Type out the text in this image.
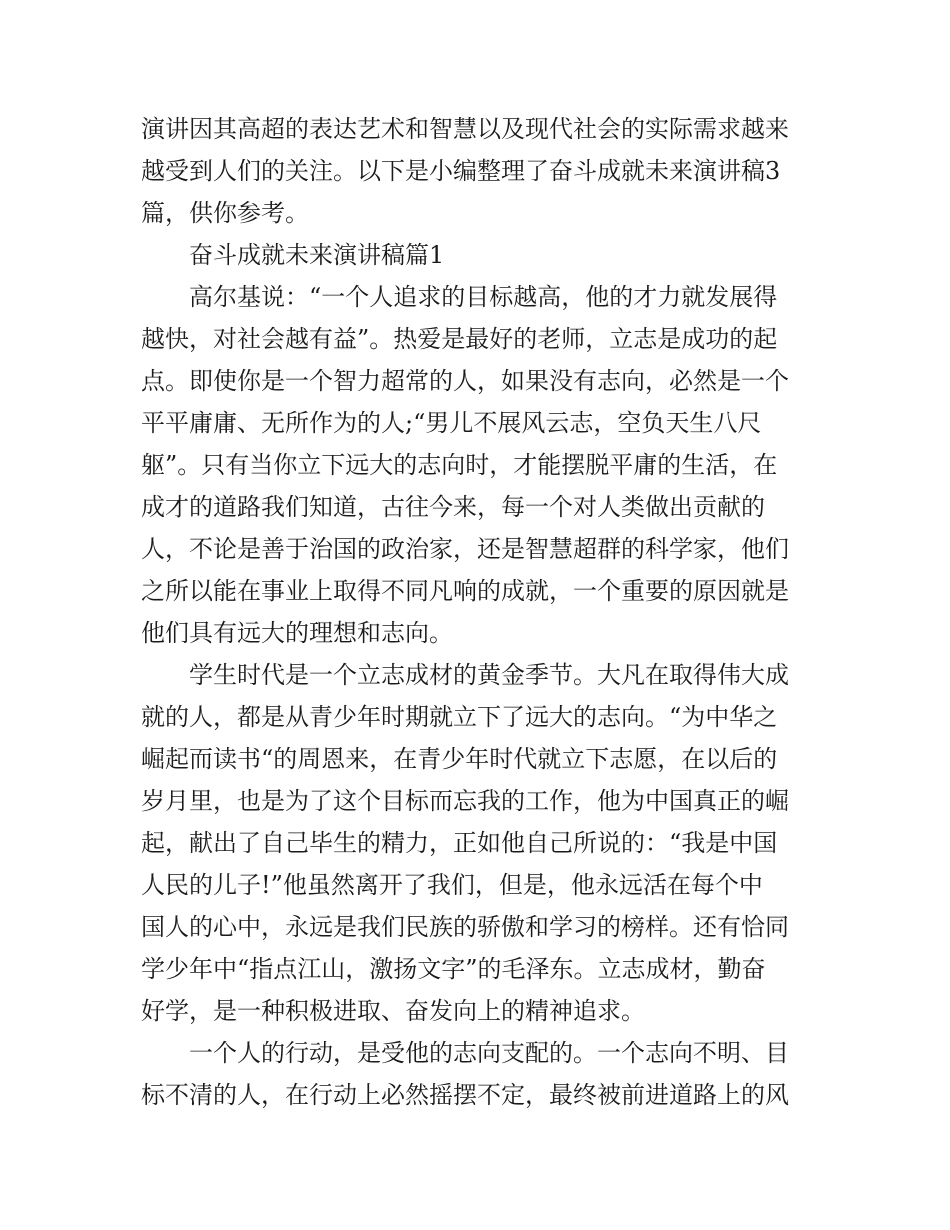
演讲因其高超的表达艺术和智慧以及现代社会的实际需求越来
越受到人们的关注。以下是小编整理了奋斗成就未来演讲稿3
篇，供你参考。
奋斗成就未来演讲稿篇1
高尔基说：“一个人追求的目标越高，他的才力就发展得
越快，对社会越有益”。热爱是最好的老师，立志是成功的起
点。即使你是一个智力超常的人，如果没有志向，必然是一个
平平庸庸、无所作为的人;“男儿不展风云志，空负天生八尺
躯”。只有当你立下远大的志向时，才能摆脱平庸的生活，在
成才的道路我们知道，古往今来，每一个对人类做出贡献的
人，不论是善于治国的政治家，还是智慧超群的科学家，他们
之所以能在事业上取得不同凡响的成就，一个重要的原因就是
他们具有远大的理想和志向。
学生时代是一个立志成材的黄金季节。大凡在取得伟大成
就的人，都是从青少年时期就立下了远大的志向。“为中华之
崛起而读书“的周恩来，在青少年时代就立下志愿，在以后的
岁月里，也是为了这个目标而忘我的工作，他为中国真正的崛
起，献出了自己毕生的精力，正如他自己所说的：“我是中国
人民的儿子!”他虽然离开了我们，但是，他永远活在每个中
国人的心中，永远是我们民族的骄傲和学习的榜样。还有恰同
学少年中“指点江山，激扬文字”的毛泽东。立志成材，勤奋
好学，是一种积极进取、奋发向上的精神追求。
一个人的行动，是受他的志向支配的。一个志向不明、目
标不清的人，在行动上必然摇摆不定，最终被前进道路上的风
